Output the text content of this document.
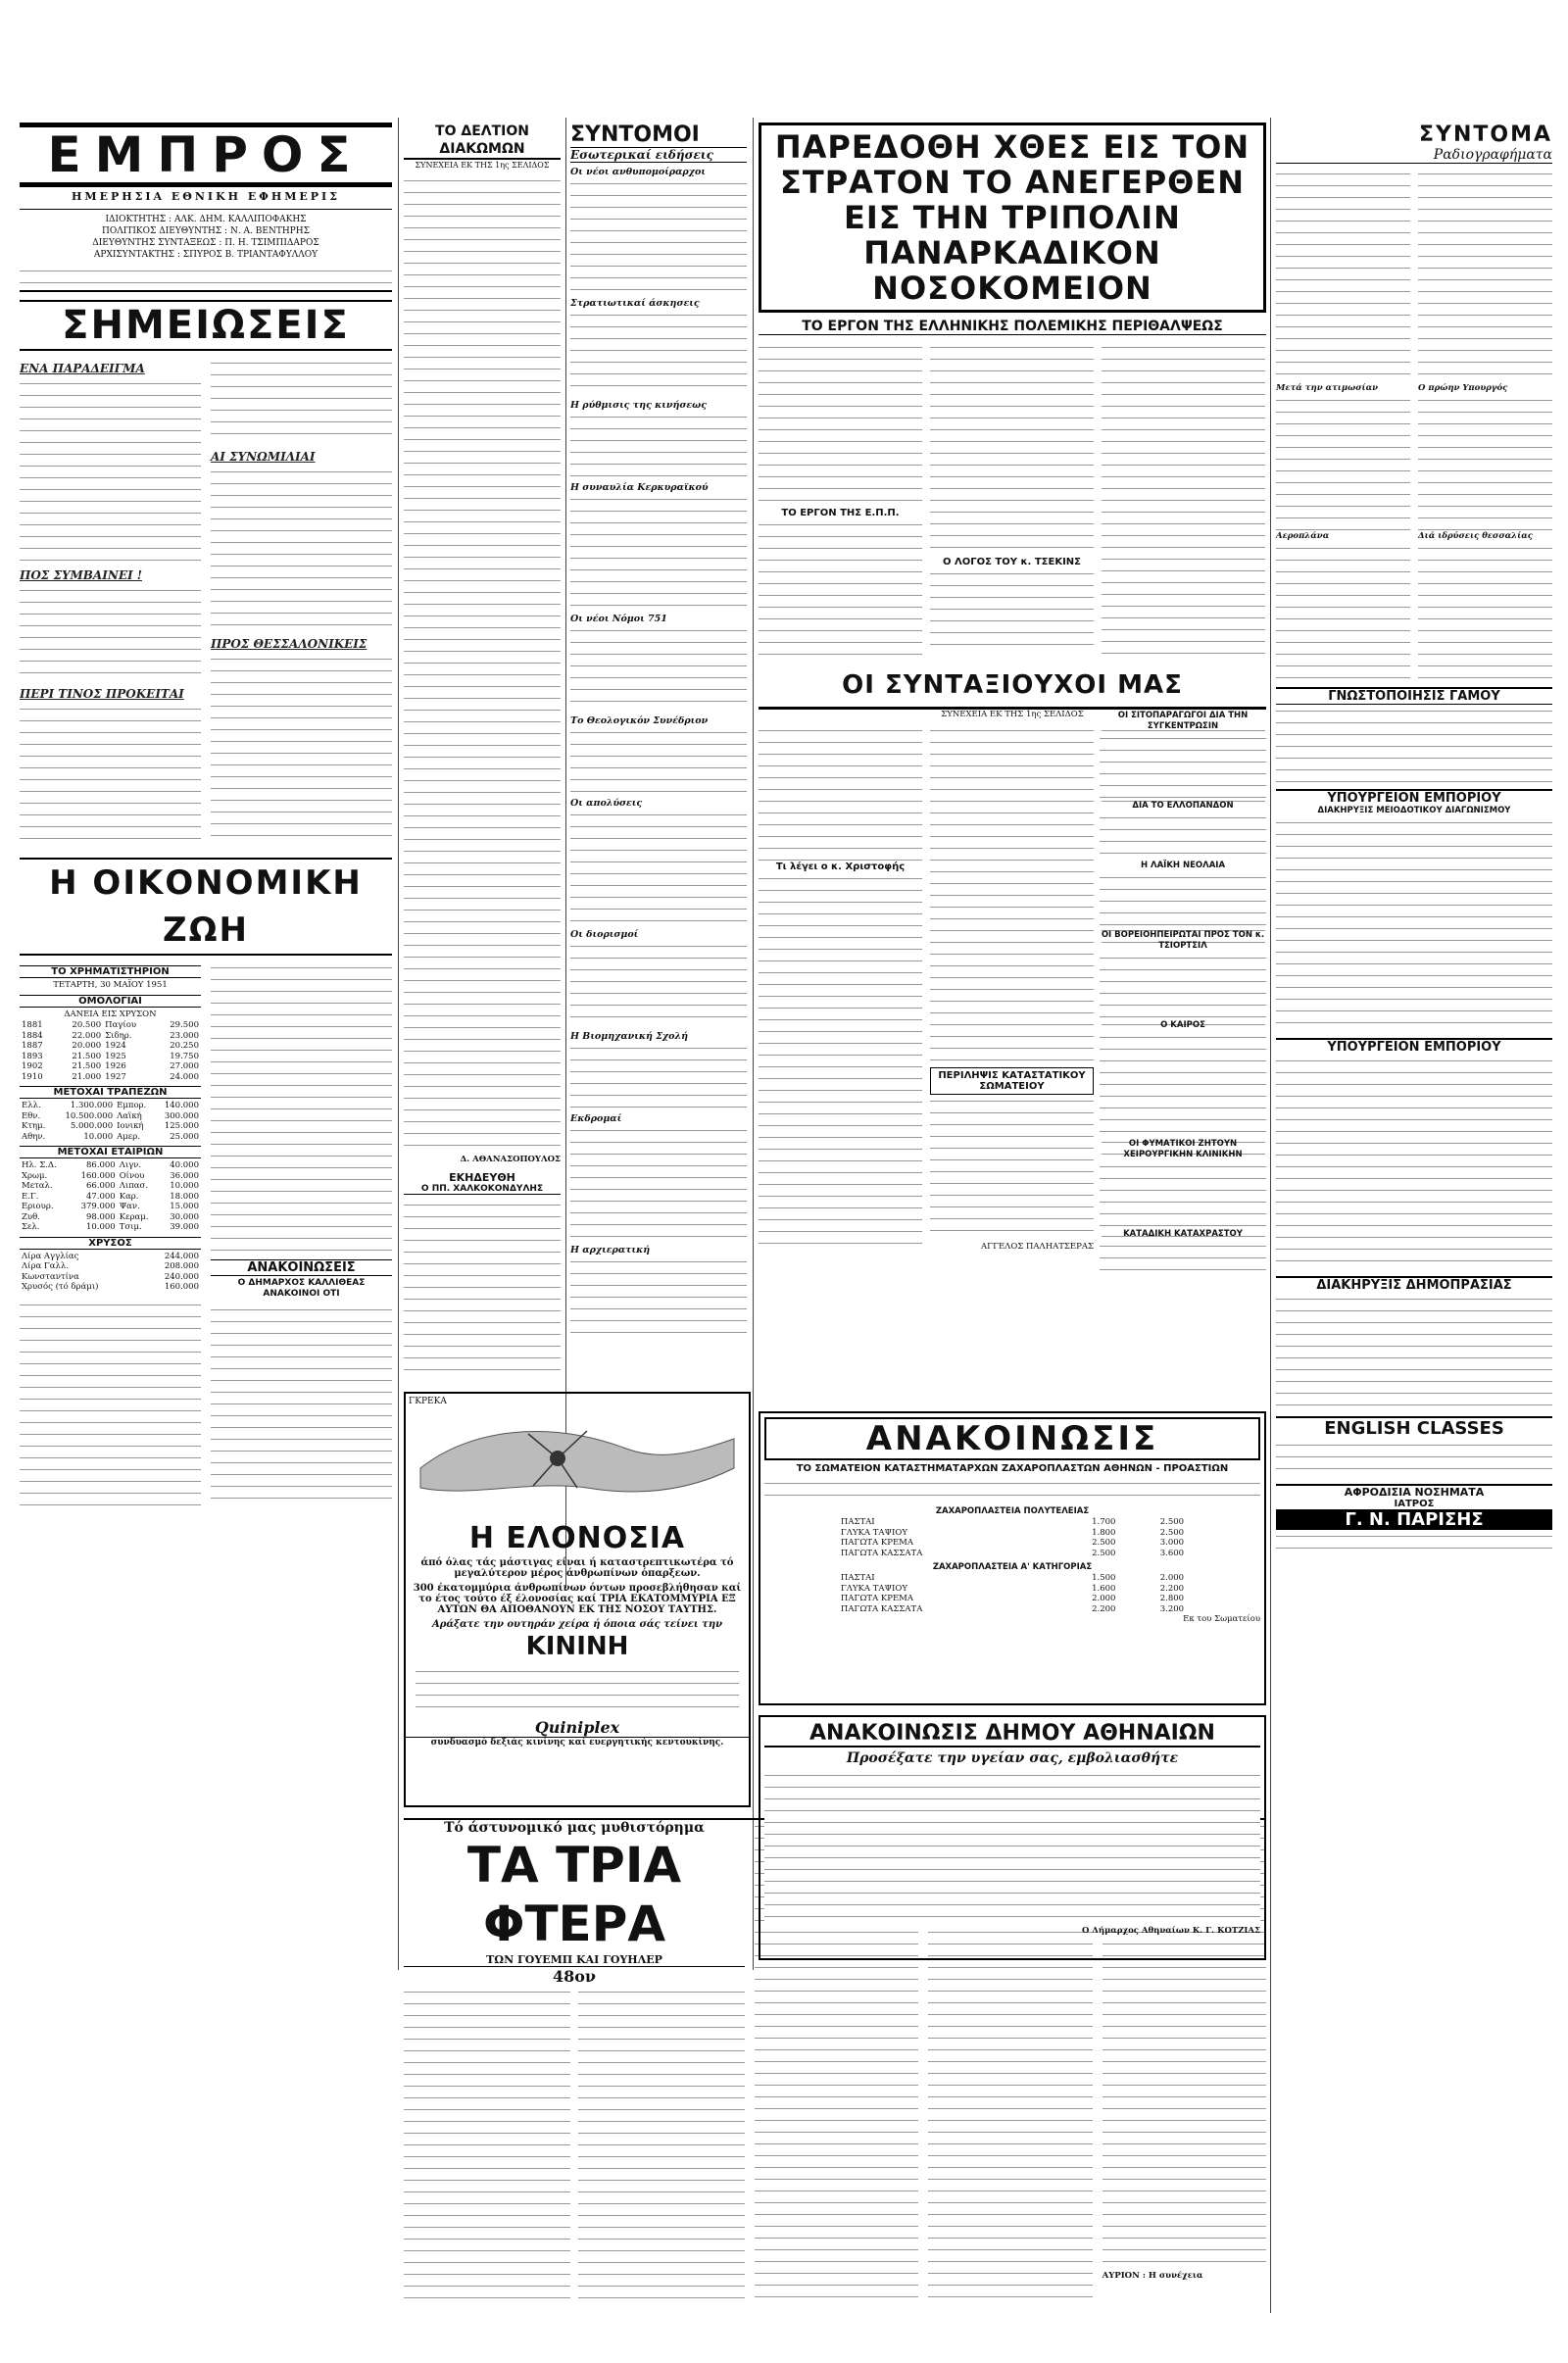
ΕΜΠΡΟΣ
ΗΜΕΡΗΣΙΑ ΕΘΝΙΚΗ ΕΦΗΜΕΡΙΣ
ΙΔΙΟΚΤΗΤΗΣ : ΑΛΚ. ΔΗΜ. ΚΑΛΛΙΠΟΦΑΚΗΣ
ΠΟΛΙΤΙΚΟΣ ΔΙΕΥΘΥΝΤΗΣ : Ν. Α. ΒΕΝΤΗΡΗΣ
ΔΙΕΥΘΥΝΤΗΣ ΣΥΝΤΑΞΕΩΣ : Π. Η. ΤΣΙΜΠΙΔΑΡΟΣ
ΑΡΧΙΣΥΝΤΑΚΤΗΣ : ΣΠΥΡΟΣ Β. ΤΡΙΑΝΤΑΦΥΛΛΟΥ
ΣΗΜΕΙΩΣΕΙΣ
ΕΝΑ ΠΑΡΑΔΕΙΓΜΑ
ΠΟΣ ΣΥΜΒΑΙΝΕΙ !
ΠΕΡΙ ΤΙΝΟΣ ΠΡΟΚΕΙΤΑΙ
ΑΙ ΣΥΝΩΜΙΛΙΑΙ
ΠΡΟΣ ΘΕΣΣΑΛΟΝΙΚΕΙΣ
Η ΟΙΚΟΝΟΜΙΚΗ ΖΩΗ
ΤΟ ΧΡΗΜΑΤΙΣΤΗΡΙΟΝ
ΤΕΤΑΡΤΗ, 30 ΜΑΪΟΥ 1951
ΟΜΟΛΟΓΙΑΙ
ΔΑΝΕΙΑ ΕΙΣ ΧΡΥΣΟΝ
1881	20.500	Παγίου	29.500
1884	22.000	Σιδηρ.	23.000
1887	20.000	1924	20.250
1893	21.500	1925	19.750
1902	21.500	1926	27.000
1910	21.000	1927	24.000
ΜΕΤΟΧΑΙ ΤΡΑΠΕΖΩΝ
Ελλ.	1.300.000	Εμπορ.	140.000
Εθν.	10.500.000	Λαϊκή	300.000
Κτημ.	5.000.000	Ιονική	125.000
Αθην.	10.000	Αμερ.	25.000
ΜΕΤΟΧΑΙ ΕΤΑΙΡΙΩΝ
Ηλ. Σ.Δ.	86.000	Λιγν.	40.000
Χρωμ.	160.000	Οίνου	36.000
Μεταλ.	66.000	Λιπασ.	10.000
Ε.Γ.	47.000	Καρ.	18.000
Εριουρ.	379.000	Ψαν.	15.000
Ζυθ.	98.000	Κεραμ.	30.000
Σελ.	10.000	Τσιμ.	39.000
ΧΡΥΣΟΣ
Λίρα Αγγλίας	244.000
Λίρα Γαλλ.	208.000
Κωνσταντίνα	240.000
Χρυσός (τό δράμι)	160.000
ΑΝΑΚΟΙΝΩΣΕΙΣ
Ο ΔΗΜΑΡΧΟΣ ΚΑΛΛΙΘΕΑΣ ΑΝΑΚΟΙΝΟΙ ΟΤΙ
ΤΟ ΔΕΛΤΙΟΝ ΔΙΑΚΩΜΩΝ
ΣΥΝΕΧΕΙΑ ΕΚ ΤΗΣ 1ης ΣΕΛΙΔΟΣ
Δ. ΑΘΑΝΑΣΟΠΟΥΛΟΣ
ΕΚΗΔΕΥΘΗ
Ο ΠΠ. ΧΑΛΚΟΚΟΝΔΥΛΗΣ
ΣΥΝΤΟΜΟΙ
Εσωτερικαί ειδήσεις
Οι νέοι ανθυπομοίραρχοι
Στρατιωτικαί άσκησεις
Η ρύθμισις της κινήσεως
Η συναυλία Κερκυραϊκού
Οι νέοι Νόμοι 751
Το Θεολογικόν Συνέδριον
Οι απολύσεις
Οι διορισμοί
Η Βιομηχανική Σχολή
Εκδρομαί
Η αρχιερατική
ΠΑΡΕΔΟΘΗ ΧΘΕΣ ΕΙΣ ΤΟΝ ΣΤΡΑΤΟΝ ΤΟ ΑΝΕΓΕΡΘΕΝ ΕΙΣ ΤΗΝ ΤΡΙΠΟΛΙΝ ΠΑΝΑΡΚΑΔΙΚΟΝ ΝΟΣΟΚΟΜΕΙΟΝ
ΤΟ ΕΡΓΟΝ ΤΗΣ ΕΛΛΗΝΙΚΗΣ ΠΟΛΕΜΙΚΗΣ ΠΕΡΙΘΑΛΨΕΩΣ
ΤΟ ΕΡΓΟΝ ΤΗΣ Ε.Π.Π.
Ο ΛΟΓΟΣ ΤΟΥ κ. ΤΣΕΚΙΝΣ
ΟΙ ΣΥΝΤΑΞΙΟΥΧΟΙ ΜΑΣ
ΣΥΝΕΧΕΙΑ ΕΚ ΤΗΣ 1ης ΣΕΛΙΔΟΣ
Τι λέγει ο κ. Χριστοφής
ΠΕΡΙΛΗΨΙΣ ΚΑΤΑΣΤΑΤΙΚΟΥ ΣΩΜΑΤΕΙΟΥ
ΑΓΓΕΛΟΣ ΠΑΛΗΑΤΣΕΡΑΣ
ΟΙ ΣΙΤΟΠΑΡΑΓΩΓΟΙ ΔΙΑ ΤΗΝ ΣΥΓΚΕΝΤΡΩΣΙΝ
ΔΙΑ ΤΟ ΕΛΛΟΠΑΝΔΟΝ
Η ΛΑΪΚΗ ΝΕΟΛΑΙΑ
ΟΙ ΒΟΡΕΙΟΗΠΕΙΡΩΤΑΙ ΠΡΟΣ ΤΟΝ κ. ΤΣΙΟΡΤΣΙΛ
Ο ΚΑΙΡΟΣ
ΟΙ ΦΥΜΑΤΙΚΟΙ ΖΗΤΟΥΝ ΧΕΙΡΟΥΡΓΙΚΗΝ ΚΛΙΝΙΚΗΝ
ΚΑΤΑΔΙΚΗ ΚΑΤΑΧΡΑΣΤΟΥ
ΓΚΡΕΚΑ
Η ΕΛΟΝΟΣΙΑ
άπό όλας τάς μάστιγας είναι ή καταστρεπτικωτέρα τό μεγαλύτερον μέρος άνθρωπίνων όπαρξεων.
300 έκατομμύρια άνθρωπίνων όντων προσεβλήθησαν καί το έτος τούτο έξ έλονοσίας καί ΤΡΙΑ ΕΚΑΤΟΜΜΥΡΙΑ ΕΞ ΑΥΤΩΝ ΘΑ ΑΠΟΘΑΝΟΥΝ ΕΚ ΤΗΣ ΝΟΣΟΥ ΤΑΥΤΗΣ.
Αράξατε την ουτηράν χείρα ή όποια σάς τείνει την
ΚΙΝΙΝΗ
Quiniplex
συνδυασμό δεξιάς κινίνης καί ευεργητικής κεντουκίνης.
Τό άστυνομικό μας μυθιστόρημα
ΤΑ ΤΡΙΑ ΦΤΕΡΑ
ΤΩΝ ΓΟΥΕΜΠ ΚΑΙ ΓΟΥΗΛΕΡ
48ον
ΑΥΡΙΟΝ : Η συνέχεια
ΑΝΑΚΟΙΝΩΣΙΣ
ΤΟ ΣΩΜΑΤΕΙΟΝ ΚΑΤΑΣΤΗΜΑΤΑΡΧΩΝ ΖΑΧΑΡΟΠΛΑΣΤΩΝ ΑΘΗΝΩΝ - ΠΡΟΑΣΤΙΩΝ
ΖΑΧΑΡΟΠΛΑΣΤΕΙΑ ΠΟΛΥΤΕΛΕΙΑΣ
ΠΑΣΤΑΙ	1.700	2.500
ΓΛΥΚΑ ΤΑΨΙΟΥ	1.800	2.500
ΠΑΓΩΤΑ ΚΡΕΜΑ	2.500	3.000
ΠΑΓΩΤΑ ΚΑΣΣΑΤΑ	2.500	3.600
ΖΑΧΑΡΟΠΛΑΣΤΕΙΑ Α' ΚΑΤΗΓΟΡΙΑΣ
ΠΑΣΤΑΙ	1.500	2.000
ΓΛΥΚΑ ΤΑΨΙΟΥ	1.600	2.200
ΠΑΓΩΤΑ ΚΡΕΜΑ	2.000	2.800
ΠΑΓΩΤΑ ΚΑΣΣΑΤΑ	2.200	3.200
Εκ του Σωματείου
ΑΝΑΚΟΙΝΩΣΙΣ ΔΗΜΟΥ ΑΘΗΝΑΙΩΝ
Προσέξατε την υγείαν σας, εμβολιασθήτε
Ο Δήμαρχος Αθηναίων Κ. Γ. ΚΟΤΖΙΑΣ
ΣΥΝΤΟΜΑ
Ραδιογραφήματα
Μετά την ατιμωσίαν
Αεροπλάνα
Ο πρώην Υπουργός
Διά ιδρύσεις θεσσαλίας
ΓΝΩΣΤΟΠΟΙΗΣΙΣ ΓΑΜΟΥ
ΥΠΟΥΡΓΕΙΟΝ ΕΜΠΟΡΙΟΥ
ΔΙΑΚΗΡΥΞΙΣ ΜΕΙΟΔΟΤΙΚΟΥ ΔΙΑΓΩΝΙΣΜΟΥ
ΥΠΟΥΡΓΕΙΟΝ ΕΜΠΟΡΙΟΥ
ΔΙΑΚΗΡΥΞΙΣ ΔΗΜΟΠΡΑΣΙΑΣ
ENGLISH CLASSES
ΑΦΡΟΔΙΣΙΑ ΝΟΣΗΜΑΤΑ
ΙΑΤΡΟΣ
Γ. Ν. ΠΑΡΙΣΗΣ
